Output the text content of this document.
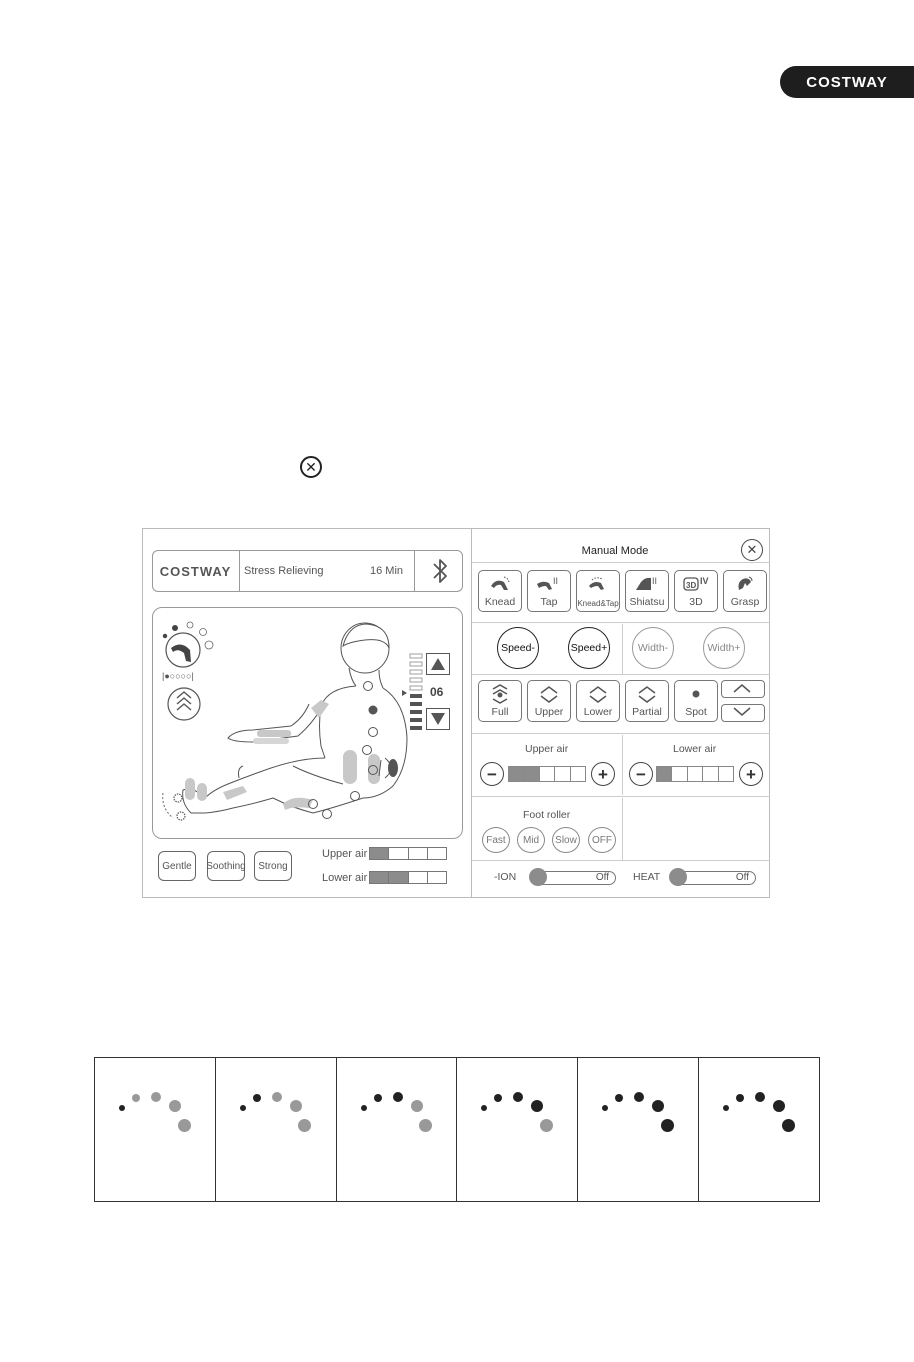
COSTWAY
✕
COSTWAY	Stress Relieving	16 Min
|●○○○○|
06
Gentle	Soothing	Strong
Upper air
Lower air
Manual Mode	✕
Knead
II
Tap	Knead&Tap
II
Shiatsu
3D IV
3D	Grasp
Speed-	Speed+	Width-	Width+
Full	Upper	Lower	Partial	Spot
Upper air
−	+
Lower air
−	+
Foot roller
Fast	Mid	Slow	OFF
-ION	Off HEAT	Off
